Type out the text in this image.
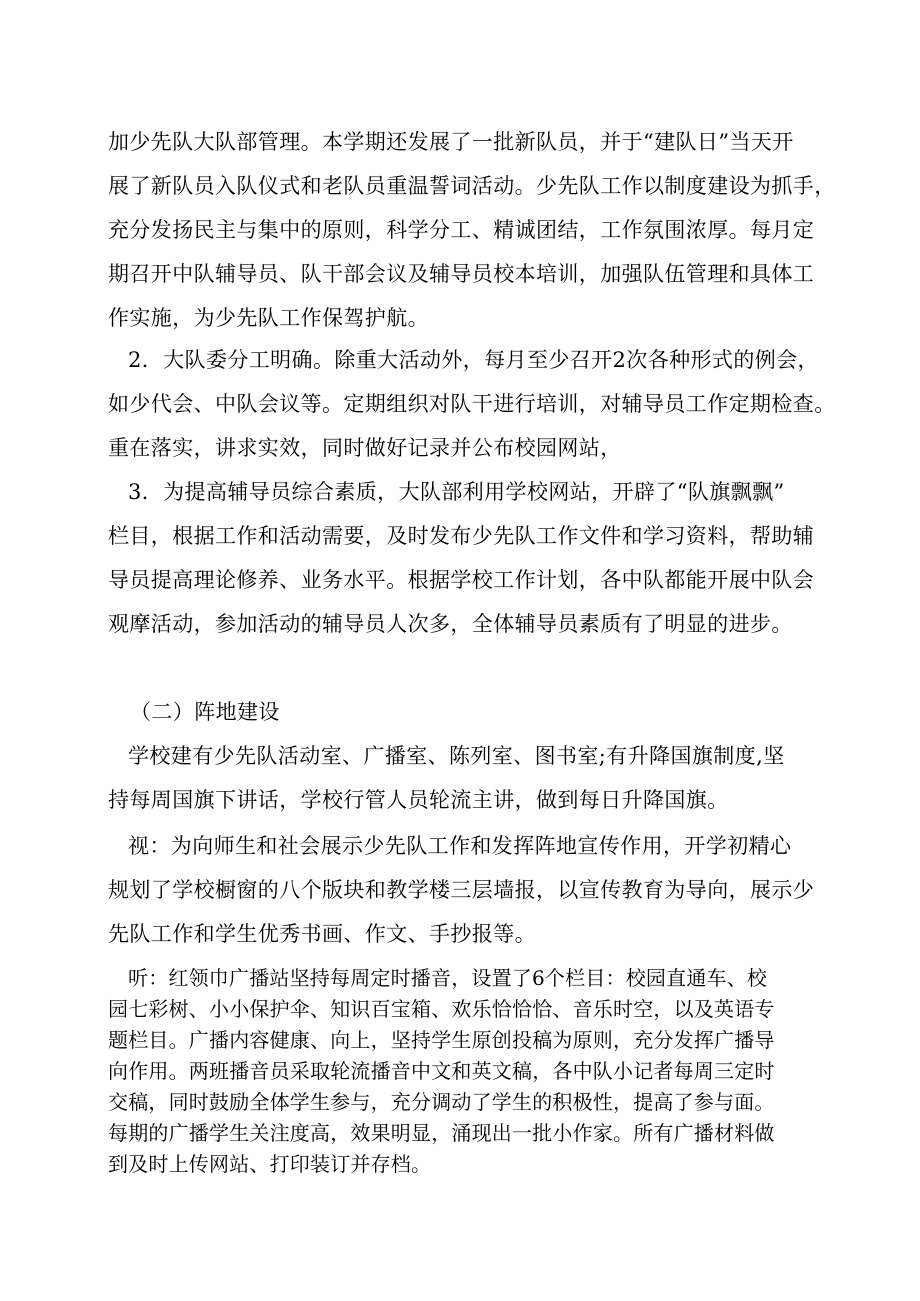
加少先队大队部管理。本学期还发展了一批新队员，并于“建队日”当天开
展了新队员入队仪式和老队员重温誓词活动。少先队工作以制度建设为抓手，
充分发扬民主与集中的原则，科学分工、精诚团结，工作氛围浓厚。每月定
期召开中队辅导员、队干部会议及辅导员校本培训，加强队伍管理和具体工
作实施，为少先队工作保驾护航。
2．大队委分工明确。除重大活动外，每月至少召开2次各种形式的例会，
如少代会、中队会议等。定期组织对队干进行培训，对辅导员工作定期检查。
重在落实，讲求实效，同时做好记录并公布校园网站，
3．为提高辅导员综合素质，大队部利用学校网站，开辟了“队旗飘飘”
栏目，根据工作和活动需要，及时发布少先队工作文件和学习资料，帮助辅
导员提高理论修养、业务水平。根据学校工作计划，各中队都能开展中队会
观摩活动，参加活动的辅导员人次多，全体辅导员素质有了明显的进步。
（二）阵地建设
学校建有少先队活动室、广播室、陈列室、图书室;有升降国旗制度,坚
持每周国旗下讲话，学校行管人员轮流主讲，做到每日升降国旗。
视：为向师生和社会展示少先队工作和发挥阵地宣传作用，开学初精心
规划了学校橱窗的八个版块和教学楼三层墙报，以宣传教育为导向，展示少
先队工作和学生优秀书画、作文、手抄报等。
听：红领巾广播站坚持每周定时播音，设置了6个栏目：校园直通车、校
园七彩树、小小保护伞、知识百宝箱、欢乐恰恰恰、音乐时空，以及英语专
题栏目。广播内容健康、向上，坚持学生原创投稿为原则，充分发挥广播导
向作用。两班播音员采取轮流播音中文和英文稿，各中队小记者每周三定时
交稿，同时鼓励全体学生参与，充分调动了学生的积极性，提高了参与面。
每期的广播学生关注度高，效果明显，涌现出一批小作家。所有广播材料做
到及时上传网站、打印装订并存档。
